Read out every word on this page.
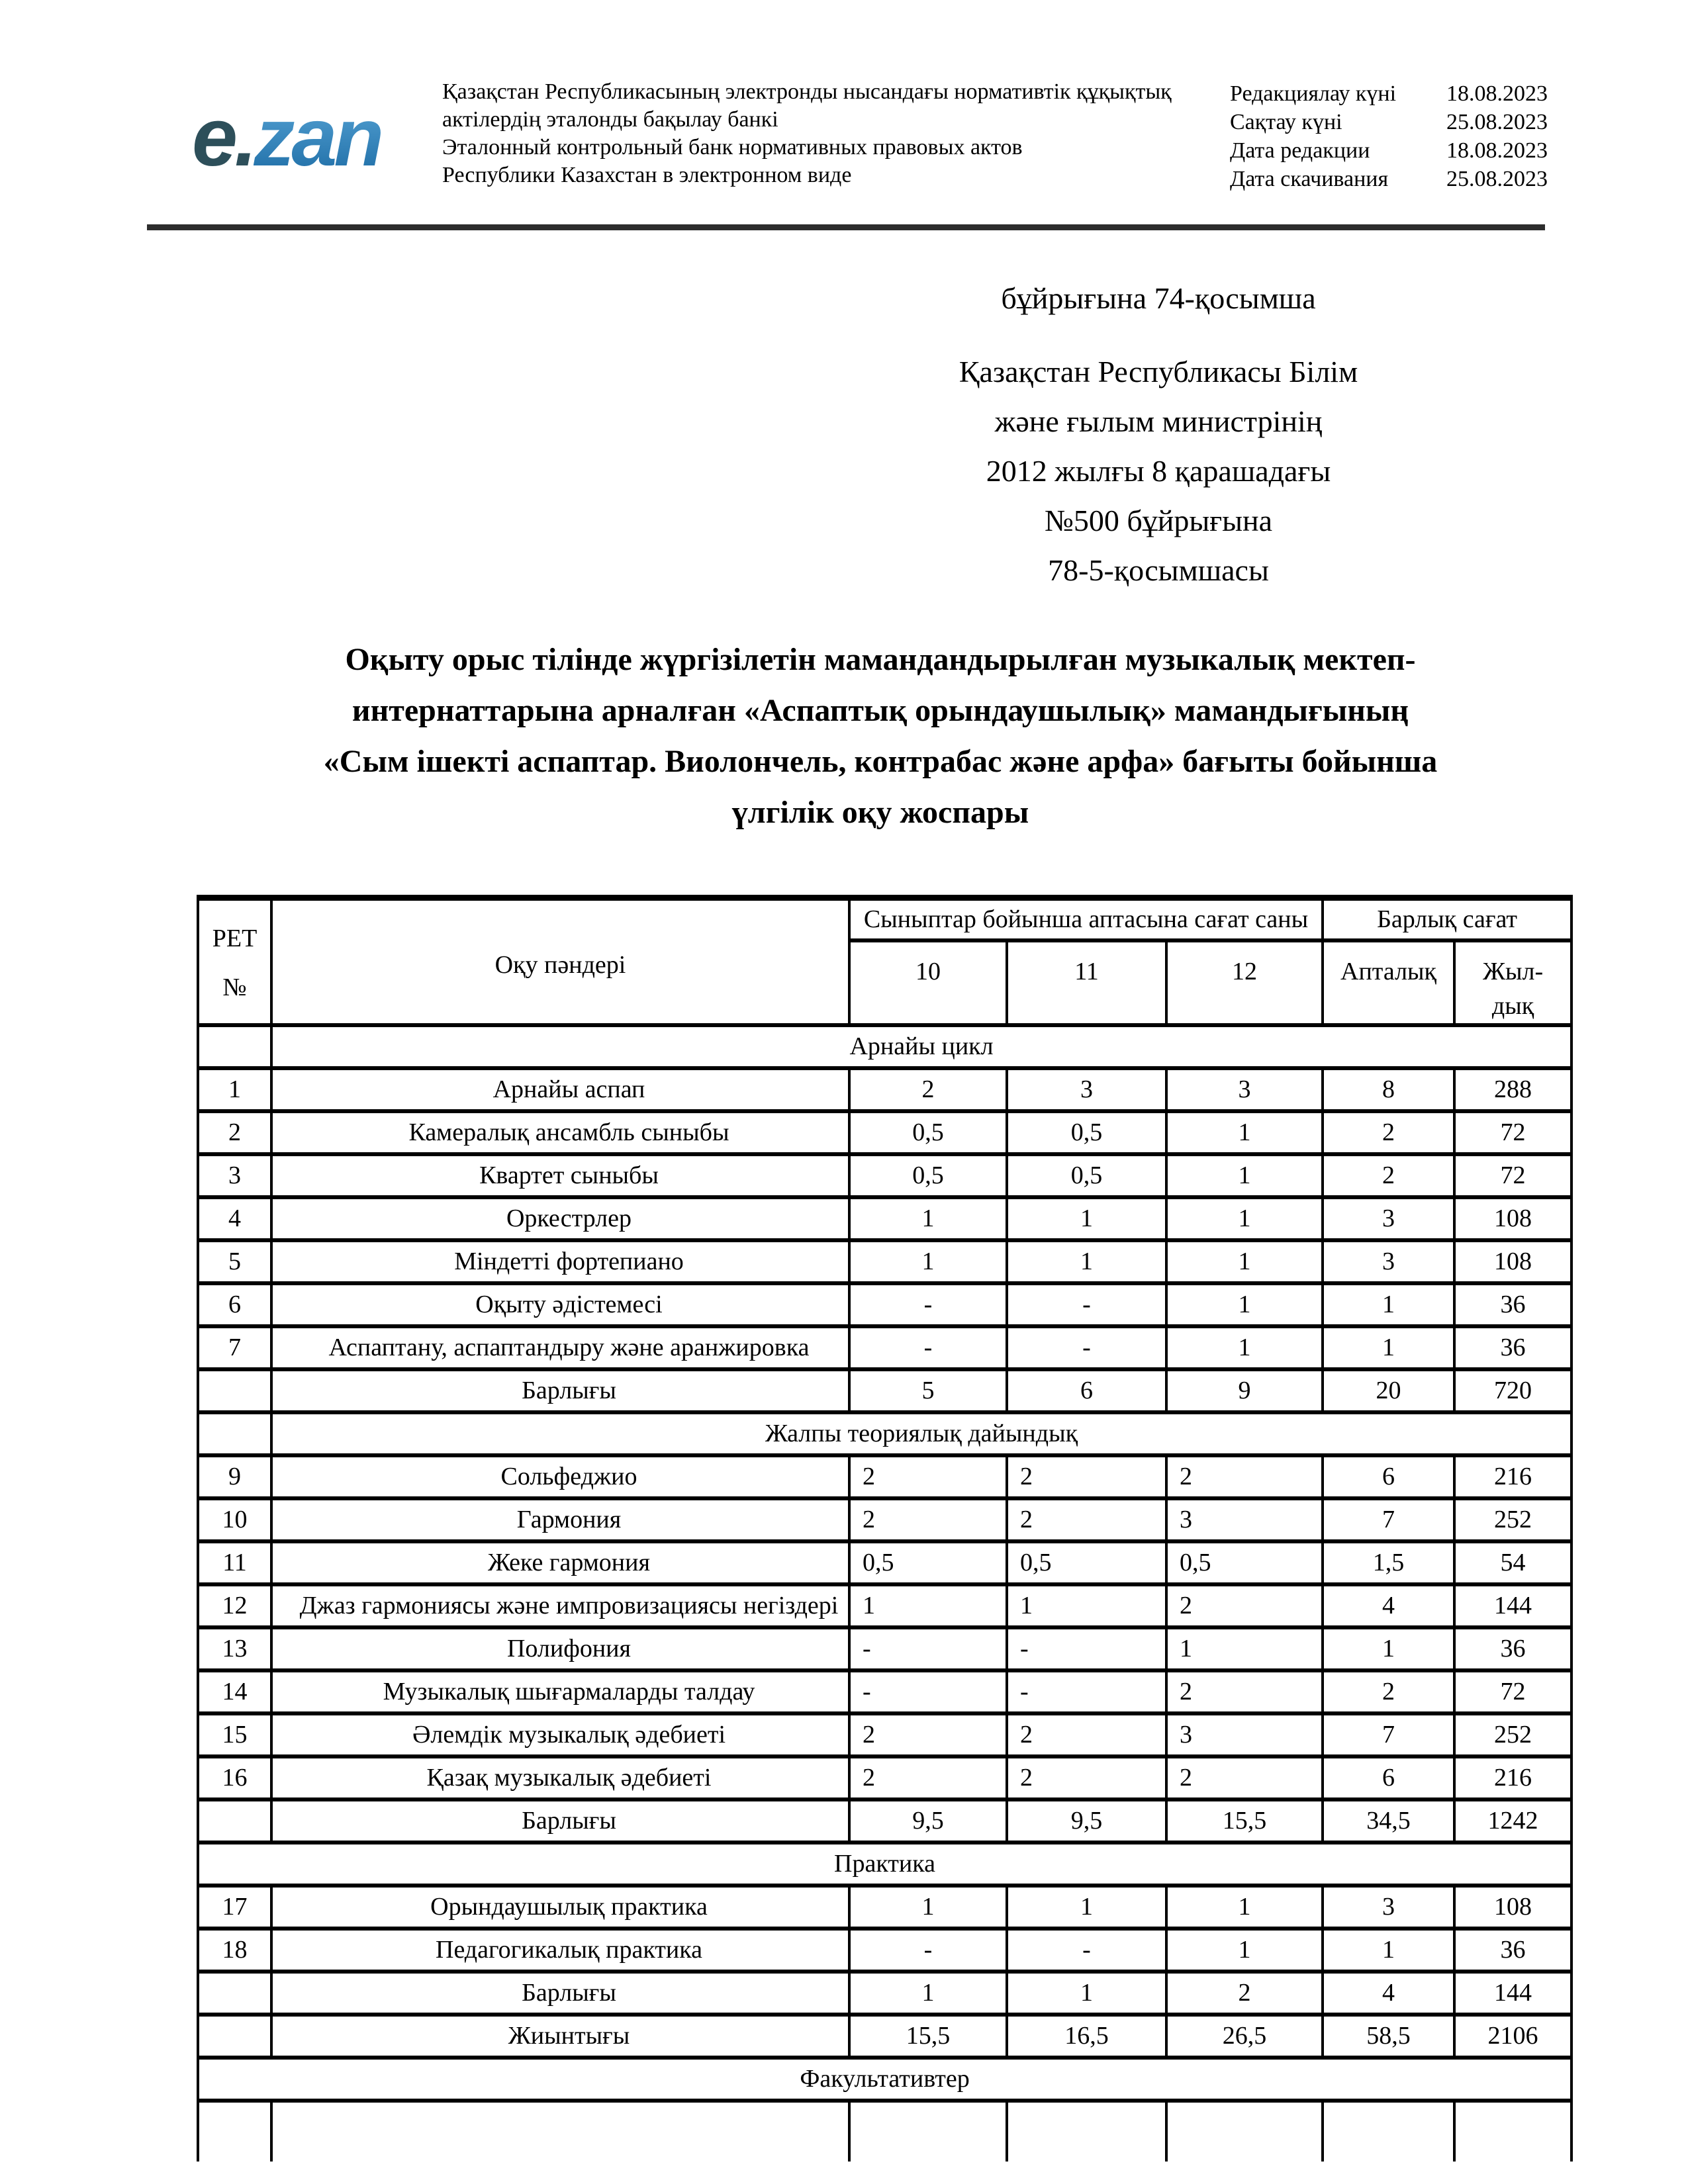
e.zan
Қазақстан Республикасының электронды нысандағы нормативтік құқықтық
актілердің эталонды бақылау банкі
Эталонный контрольный банк нормативных правовых актов
Республики Казахстан в электронном виде
Редакциялау күні	18.08.2023
Сақтау күні	25.08.2023
Дата редакции	18.08.2023
Дата скачивания	25.08.2023
бұйрығына 74-қосымша
Қазақстан Республикасы Білім
және ғылым министрінің
2012 жылғы 8 қарашадағы
№500 бұйрығына
78-5-қосымшасы
Оқыту орыс тілінде жүргізілетін мамандандырылған музыкалық мектеп-
интернаттарына арналған «Аспаптық орындаушылық» мамандығының
«Сым ішекті аспаптар. Виолончель, контрабас және арфа» бағыты бойынша
үлгілік оқу жоспары
РЕТ
№	Оқу пәндері	Сыныптар бойынша аптасына сағат саны			Барлық сағат	
		10	11	12	Апталық	Жыл-
дық

	Арнайы цикл					
1	Арнайы аспап	2	3	3	8	288
2	Камералық ансамбль сыныбы	0,5	0,5	1	2	72
3	Квартет сыныбы	0,5	0,5	1	2	72
4	Оркестрлер	1	1	1	3	108
5	Міндетті фортепиано	1	1	1	3	108
6	Оқыту әдістемесі	-	-	1	1	36
7	Аспаптану, аспаптандыру және аранжировка	-	-	1	1	36
	Барлығы	5	6	9	20	720
	Жалпы теориялық дайындық					
9	Сольфеджио	2	2	2	6	216
10	Гармония	2	2	3	7	252
11	Жеке гармония	0,5	0,5	0,5	1,5	54
12	Джаз гармониясы және импровизациясы негіздері	1	1	2	4	144
13	Полифония	-	-	1	1	36
14	Музыкалық шығармаларды талдау	-	-	2	2	72
15	Әлемдік музыкалық әдебиеті	2	2	3	7	252
16	Қазақ музыкалық әдебиеті	2	2	2	6	216
	Барлығы	9,5	9,5	15,5	34,5	1242
Практика						
17	Орындаушылық практика	1	1	1	3	108
18	Педагогикалық практика	-	-	1	1	36
	Барлығы	1	1	2	4	144
	Жиынтығы	15,5	16,5	26,5	58,5	2106
Факультативтер						
